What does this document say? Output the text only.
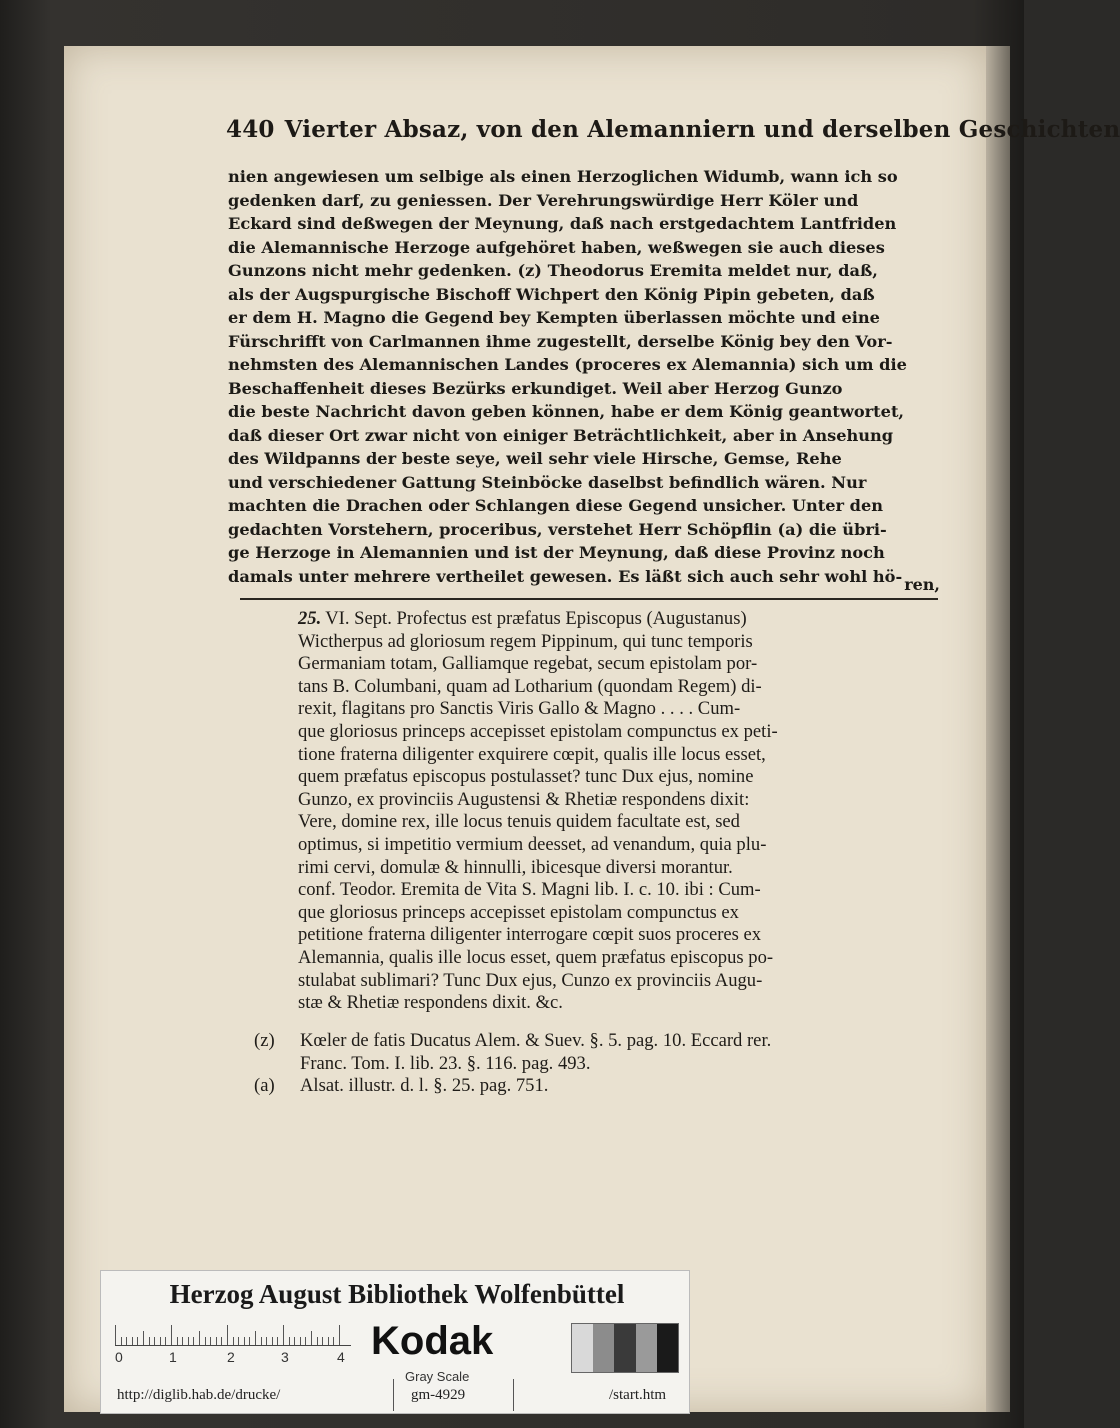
440 Vierter Absaz, von den Alemanniern und derselben Geschichten

nien angewiesen um selbige als einen Herzoglichen Widumb, wann ich so

gedenken darf, zu geniessen. Der Verehrungswürdige Herr Köler und

Eckard sind deßwegen der Meynung, daß nach erstgedachtem Lantfriden

die Alemannische Herzoge aufgehöret haben, weßwegen sie auch dieses

Gunzons nicht mehr gedenken. (z) Theodorus Eremita meldet nur, daß,

als der Augspurgische Bischoff Wichpert den König Pipin gebeten, daß

er dem H. Magno die Gegend bey Kempten überlassen möchte und eine

Fürschrifft von Carlmannen ihme zugestellt, derselbe König bey den Vor-

nehmsten des Alemannischen Landes (proceres ex Alemannia) sich um die

Beschaffenheit dieses Bezürks erkundiget. Weil aber Herzog Gunzo

die beste Nachricht davon geben können, habe er dem König geantwortet,

daß dieser Ort zwar nicht von einiger Beträchtlichkeit, aber in Ansehung

des Wildpanns der beste seye, weil sehr viele Hirsche, Gemse, Rehe

und verschiedener Gattung Steinböcke daselbst befindlich wären. Nur

machten die Drachen oder Schlangen diese Gegend unsicher. Unter den

gedachten Vorstehern, proceribus, verstehet Herr Schöpflin (a) die übri-

ge Herzoge in Alemannien und ist der Meynung, daß diese Provinz noch

damals unter mehrere vertheilet gewesen. Es läßt sich auch sehr wohl hö- ren,

25. VI. Sept. Profectus est præfatus Episcopus (Augustanus)

Wictherpus ad gloriosum regem Pippinum, qui tunc temporis

Germaniam totam, Galliamque regebat, secum epistolam por-

tans B. Columbani, quam ad Lotharium (quondam Regem) di-

rexit, flagitans pro Sanctis Viris Gallo & Magno . . . . Cum-

que gloriosus princeps accepisset epistolam compunctus ex peti-

tione fraterna diligenter exquirere cœpit, qualis ille locus esset,

quem præfatus episcopus postulasset? tunc Dux ejus, nomine

Gunzo, ex provinciis Augustensi & Rhetiæ respondens dixit:

Vere, domine rex, ille locus tenuis quidem facultate est, sed

optimus, si impetitio vermium deesset, ad venandum, quia plu-

rimi cervi, domulæ & hinnulli, ibicesque diversi morantur.

conf. Teodor. Eremita de Vita S. Magni lib. I. c. 10. ibi : Cum-

que gloriosus princeps accepisset epistolam compunctus ex

petitione fraterna diligenter interrogare cœpit suos proceres ex

Alemannia, qualis ille locus esset, quem præfatus episcopus po-

stulabat sublimari? Tunc Dux ejus, Cunzo ex provinciis Augu-

stæ & Rhetiæ respondens dixit. &c.

(z) Kœler de fatis Ducatus Alem. & Suev. §. 5. pag. 10. Eccard rer.
Franc. Tom. I. lib. 23. §. 116. pag. 493.
(a) Alsat. illustr. d. l. §. 25. pag. 751.
Herzog August Bibliothek Wolfenbüttel
0	1	2	3	4 Kodak
Gray Scale
http://diglib.hab.de/drucke/	gm-4929	/start.htm
